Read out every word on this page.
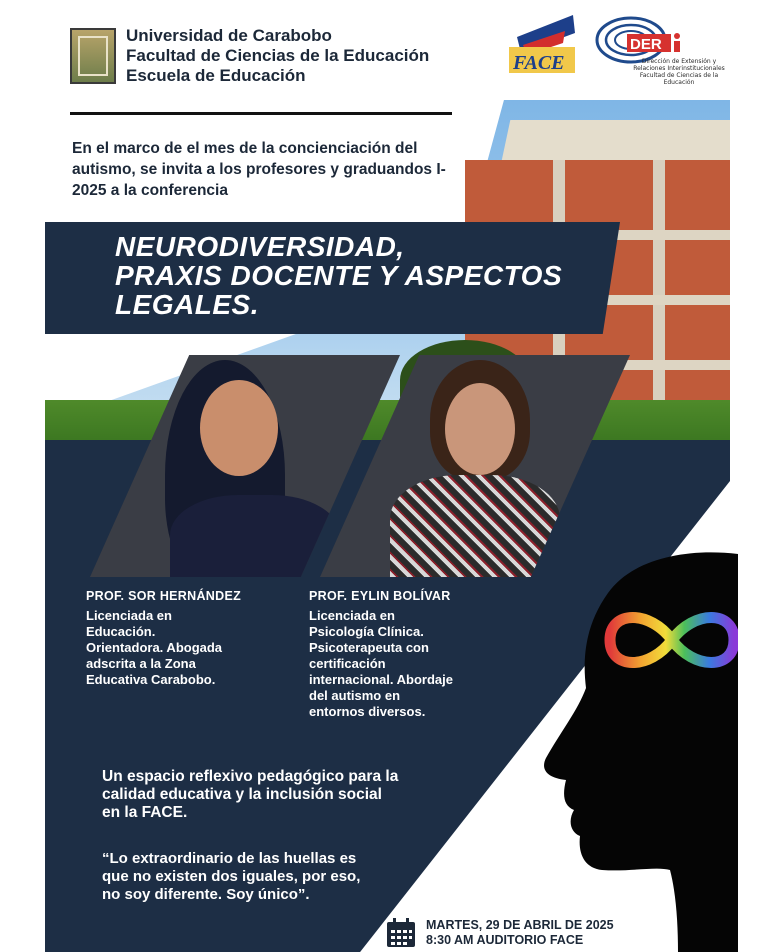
Universidad de Carabobo
Facultad de Ciencias de la Educación
Escuela de Educación
FACE
DER
Dirección de Extensión y Relaciones Interinstitucionales Facultad de Ciencias de la Educación
En el marco de el mes de la concienciación del autismo, se invita a los profesores y graduandos I-2025 a la conferencia
NEURODIVERSIDAD,
PRAXIS DOCENTE Y ASPECTOS
LEGALES.
PROF. SOR HERNÁNDEZ
Licenciada en
Educación.
Orientadora. Abogada
adscrita a la Zona
Educativa Carabobo.
PROF. EYLIN BOLÍVAR
Licenciada en
Psicología Clínica.
Psicoterapeuta con
certificación
internacional. Abordaje
del autismo en
entornos diversos.
Un espacio reflexivo pedagógico para la calidad educativa y la inclusión social en la FACE.
“Lo extraordinario de las huellas es que no existen dos iguales, por eso, no soy diferente. Soy único”.
MARTES, 29 DE ABRIL DE 2025
8:30 AM AUDITORIO FACE
